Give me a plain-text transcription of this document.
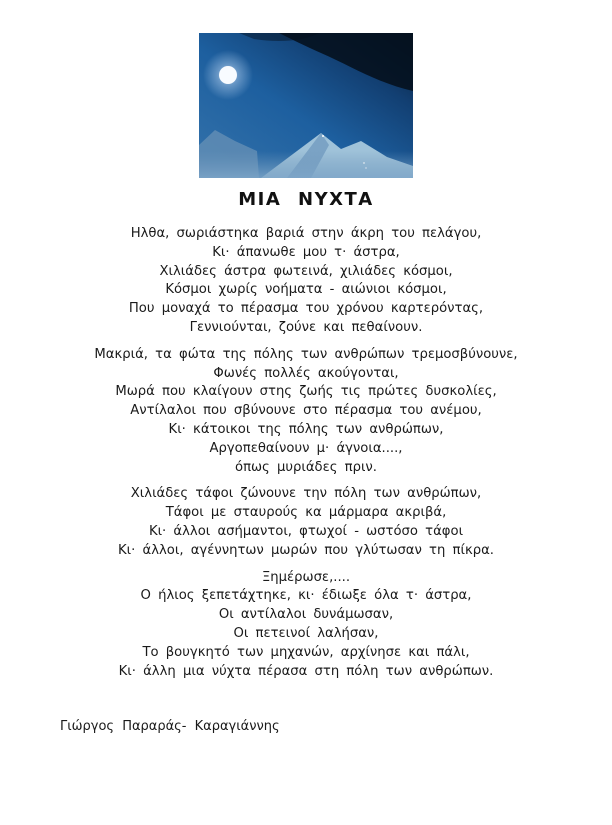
ΜΙΑ ΝΥΧΤΑ
Ηλθα, σωριάστηκα βαριά στην άκρη του πελάγου,
Κι· άπανωθε μου τ· άστρα,
Χιλιάδες άστρα φωτεινά, χιλιάδες κόσμοι,
Κόσμοι χωρίς νοήματα - αιώνιοι κόσμοι,
Που μοναχά το πέρασμα του χρόνου καρτερόντας,
Γεννιούνται, ζούνε και πεθαίνουν.
Μακριά, τα φώτα της πόλης των ανθρώπων τρεμοσβύνουνε,
Φωνές πολλές ακούγονται,
Μωρά που κλαίγουν στης ζωής τις πρώτες δυσκολίες,
Αντίλαλοι που σβύνουνε στο πέρασμα του ανέμου,
Κι· κάτοικοι της πόλης των ανθρώπων,
Αργοπεθαίνουν μ· άγνοια....,
όπως μυριάδες πριν.
Χιλιάδες τάφοι ζώνουνε την πόλη των ανθρώπων,
Τάφοι με σταυρούς κα μάρμαρα ακριβά,
Κι· άλλοι ασήμαντοι, φτωχοί - ωστόσο τάφοι
Κι· άλλοι, αγέννητων μωρών που γλύτωσαν τη πίκρα.
Ξημέρωσε,....
Ο ήλιος ξεπετάχτηκε, κι· έδιωξε όλα τ· άστρα,
Οι αντίλαλοι δυνάμωσαν,
Οι πετεινοί λαλήσαν,
Το βουγκητό των μηχανών, αρχίνησε και πάλι,
Κι· άλλη μια νύχτα πέρασα στη πόλη των ανθρώπων.
Γιώργος Παραράς- Καραγιάννης
